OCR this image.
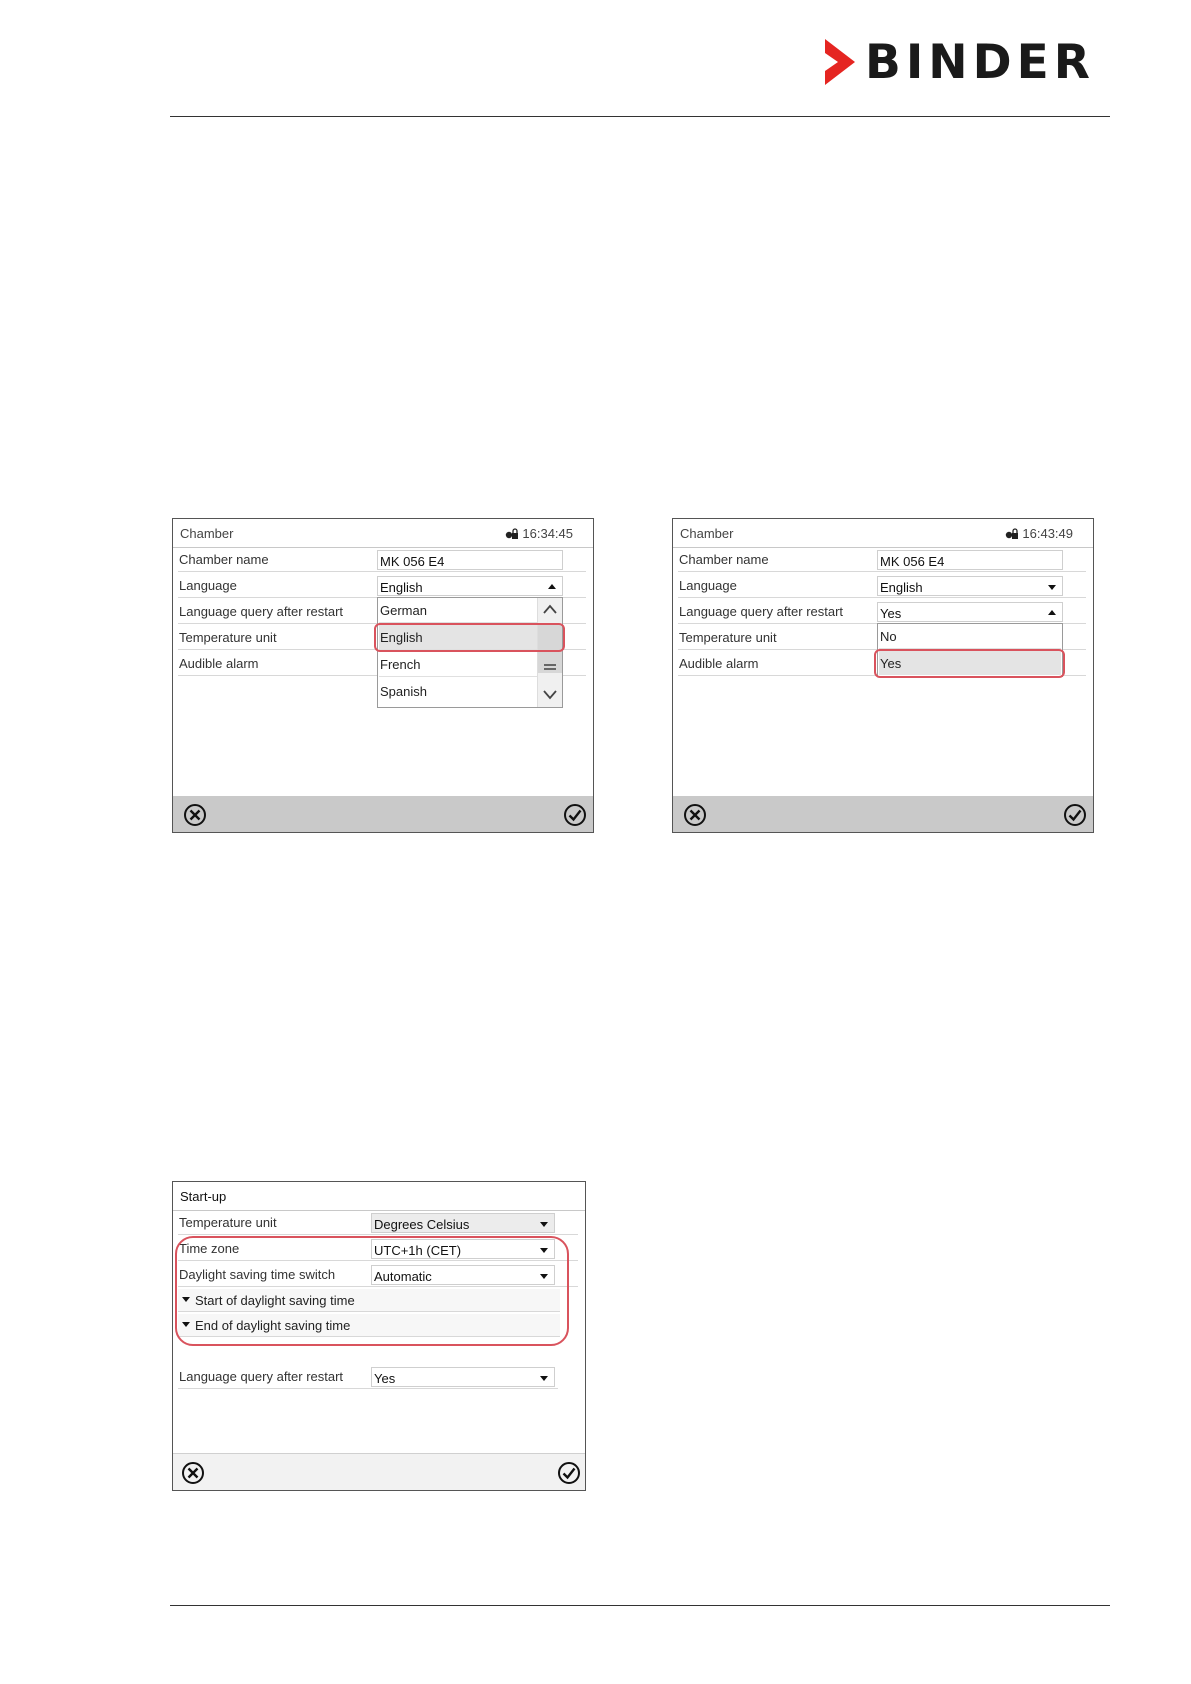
BINDER
Chamber	16:34:45
Chamber name	MK 056 E4
Language	English
Language query after restart
Temperature unit
Audible alarm
German
English
French
Spanish
Chamber	16:43:49
Chamber name	MK 056 E4
Language	English
Language query after restart	Yes
Temperature unit
Audible alarm
No
Yes
Start-up
Temperature unit	Degrees Celsius
Time zone	UTC+1h (CET)
Daylight saving time switch	Automatic
Start of daylight saving time
End of daylight saving time
Language query after restart Yes
